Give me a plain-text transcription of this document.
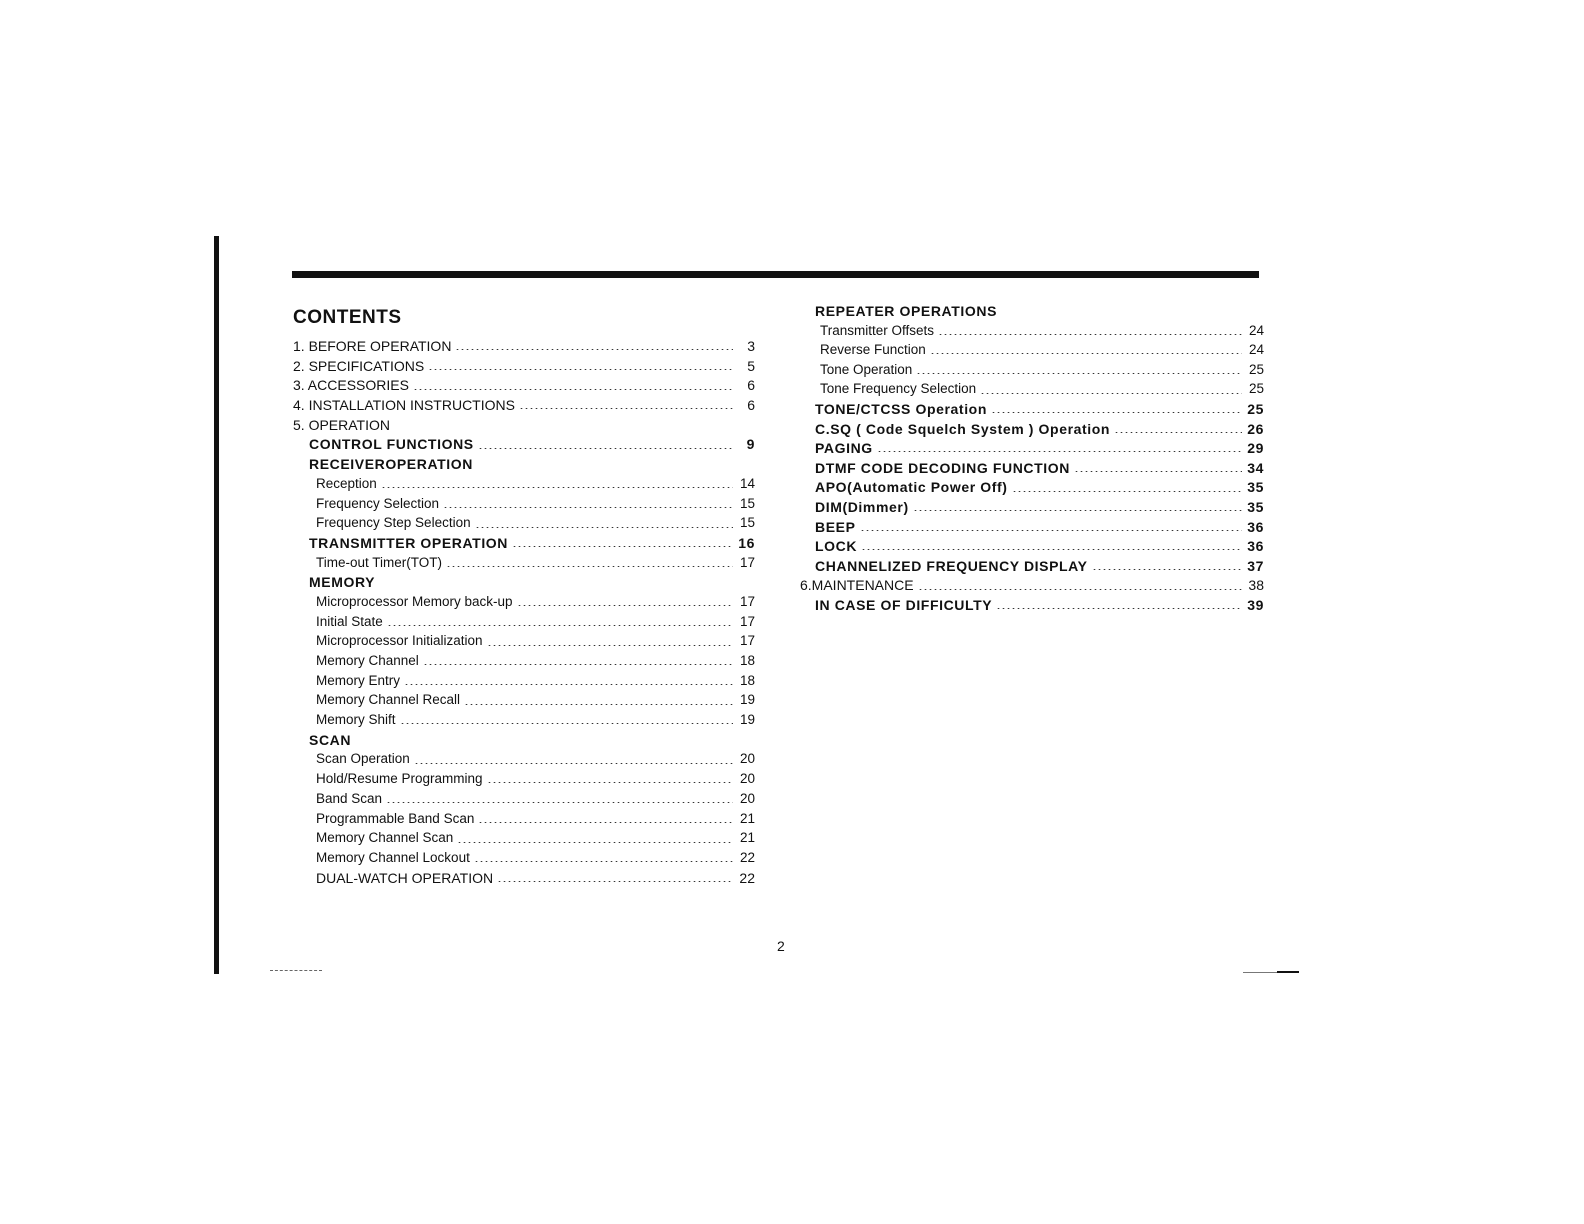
CONTENTS
1. BEFORE OPERATION	3
2. SPECIFICATIONS	5
3. ACCESSORIES	6
4. INSTALLATION INSTRUCTIONS	6
5. OPERATION
CONTROL FUNCTIONS	9
RECEIVEROPERATION
Reception	14
Frequency Selection	15
Frequency Step Selection	15
TRANSMITTER OPERATION	16
Time-out Timer(TOT)	17
MEMORY
Microprocessor Memory back-up	17
Initial State	17
Microprocessor Initialization	17
Memory Channel	18
Memory Entry	18
Memory Channel Recall	19
Memory Shift	19
SCAN
Scan Operation	20
Hold/Resume Programming	20
Band Scan	20
Programmable Band Scan	21
Memory Channel Scan	21
Memory Channel Lockout	22
DUAL-WATCH OPERATION	22
REPEATER OPERATIONS
Transmitter Offsets	24
Reverse Function	24
Tone Operation	25
Tone Frequency Selection	25
TONE/CTCSS Operation	25
C.SQ ( Code Squelch System ) Operation	26
PAGING	29
DTMF CODE DECODING FUNCTION	34
APO(Automatic Power Off)	35
DIM(Dimmer)	35
BEEP	36
LOCK	36
CHANNELIZED FREQUENCY DISPLAY	37
6.MAINTENANCE	38
IN CASE OF DIFFICULTY	39
2
